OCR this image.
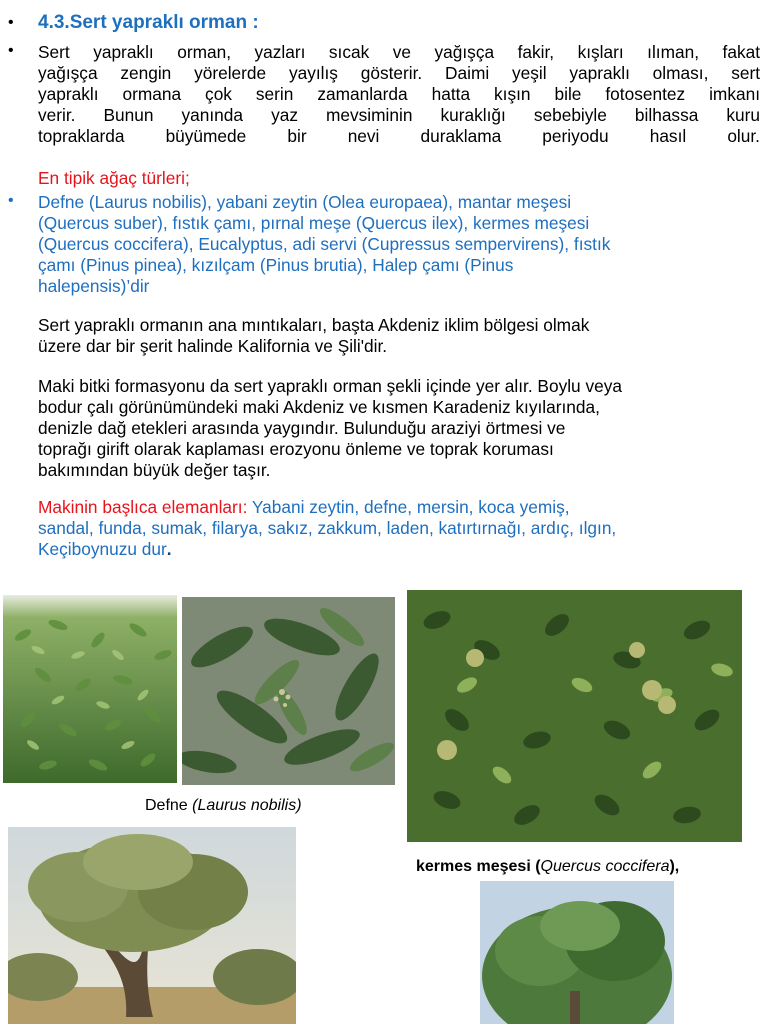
• 4.3.Sert yapraklı orman :
• Sert yapraklı orman, yazları sıcak ve yağışça fakir, kışları ılıman, fakat
yağışça zengin yörelerde yayılış gösterir. Daimi yeşil yapraklı olması, sert
yapraklı ormana çok serin zamanlarda hatta kışın bile fotosentez imkanı
verir. Bunun yanında yaz mevsiminin kuraklığı sebebiyle bilhassa kuru
topraklarda büyümede bir nevi duraklama periyodu hasıl olur.
En tipik ağaç türleri;
• Defne (Laurus nobilis), yabani zeytin (Olea europaea), mantar meşesi
(Quercus suber), fıstık çamı, pırnal meşe (Quercus ilex), kermes meşesi
(Quercus coccifera), Eucalyptus, adi servi (Cupressus sempervirens), fıstık
çamı (Pinus pinea), kızılçam (Pinus brutia), Halep çamı (Pinus
halepensis)’dir
Sert yapraklı ormanın ana mıntıkaları, başta Akdeniz iklim bölgesi olmak
üzere dar bir şerit halinde Kalifornia ve Şili'dir.
Maki bitki formasyonu da sert yapraklı orman şekli içinde yer alır. Boylu veya
bodur çalı görünümündeki maki Akdeniz ve kısmen Karadeniz kıyılarında,
denizle dağ etekleri arasında yaygındır. Bulunduğu araziyi örtmesi ve
toprağı girift olarak kaplaması erozyonu önleme ve toprak koruması
bakımından büyük değer taşır.
Makinin başlıca elemanları: Yabani zeytin, defne, mersin, koca yemiş,
sandal, funda, sumak, filarya, sakız, zakkum, laden, katırtırnağı, ardıç, ılgın,
Keçiboynuzu dur.
Defne (Laurus nobilis)
kermes meşesi (Quercus coccifera),
